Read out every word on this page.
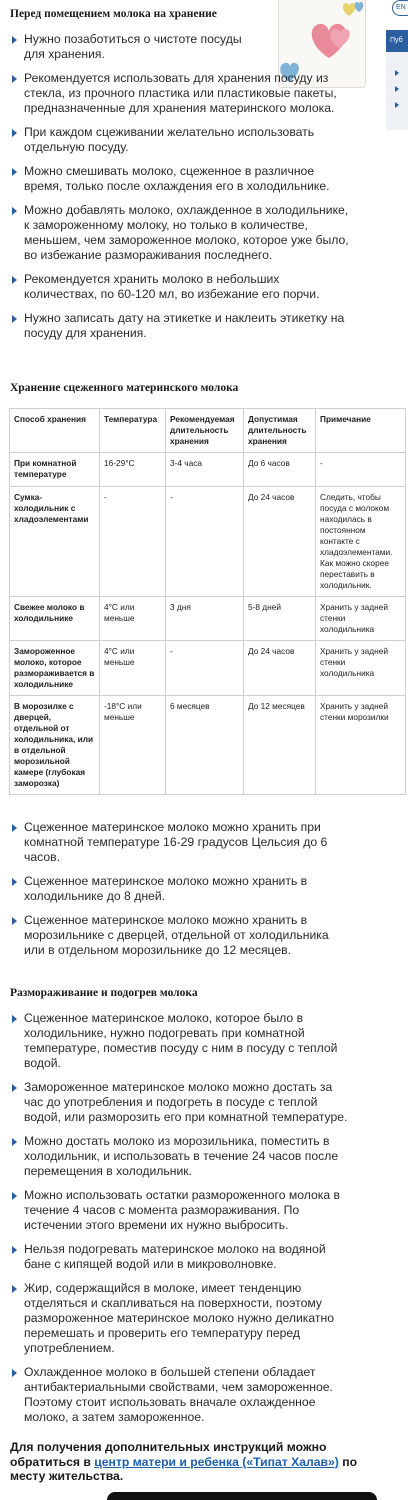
EN
Пуб
Перед помещением молока на хранение
Нужно позаботиться о чистоте посуды для хранения.
Рекомендуется использовать для хранения посуду из стекла, из прочного пластика или пластиковые пакеты, предназначенные для хранения материнского молока.
При каждом сцеживании желательно использовать отдельную посуду.
Можно смешивать молоко, сцеженное в различное время, только после охлаждения его в холодильнике.
Можно добавлять молоко, охлажденное в холодильнике, к замороженному молоку, но только в количестве, меньшем, чем замороженное молоко, которое уже было, во избежание размораживания последнего.
Рекомендуется хранить молоко в небольших количествах, по 60-120 мл, во избежание его порчи.
Нужно записать дату на этикетке и наклеить этикетку на посуду для хранения.
Хранение сцеженного материнского молока
Способ хранения	Температура	Рекомендуемая длительность хранения	Допустимая длительность хранения	Примечание
При комнатной температуре	16-29°C	3-4 часа	До 6 часов	-
Сумка-холодильник с хладоэлементами	-	-	До 24 часов	Следить, чтобы посуда с молоком находилась в постоянном контакте с хладоэлементами. Как можно скорее переставить в холодильник.
Свежее молоко в холодильнике	4°C или меньше	3 дня	5-8 дней	Хранить у задней стенки холодильника
Замороженное молоко, которое размораживается в холодильнике	4°C или меньше	-	До 24 часов	Хранить у задней стенки холодильника
В морозилке с дверцей, отдельной от холодильника, или в отдельной морозильной камере (глубокая заморозка)	-18°C или меньше	6 месяцев	До 12 месяцев	Хранить у задней стенки морозилки
Сцеженное материнское молоко можно хранить при комнатной температуре 16-29 градусов Цельсия до 6 часов.
Сцеженное материнское молоко можно хранить в холодильнике до 8 дней.
Сцеженное материнское молоко можно хранить в морозильнике с дверцей, отдельной от холодильника или в отдельном морозильнике до 12 месяцев.
Размораживание и подогрев молока
Сцеженное материнское молоко, которое было в холодильнике, нужно подогревать при комнатной температуре, поместив посуду с ним в посуду с теплой водой.
Замороженное материнское молоко можно достать за час до употребления и подогреть в посуде с теплой водой, или разморозить его при комнатной температуре.
Можно достать молоко из морозильника, поместить в холодильник, и использовать в течение 24 часов после перемещения в холодильник.
Можно использовать остатки размороженного молока в течение 4 часов с момента размораживания. По истечении этого времени их нужно выбросить.
Нельзя подогревать материнское молоко на водяной бане с кипящей водой или в микроволновке.
Жир, содержащийся в молоке, имеет тенденцию отделяться и скапливаться на поверхности, поэтому размороженное материнское молоко нужно деликатно перемешать и проверить его температуру перед употреблением.
Охлажденное молоко в большей степени обладает антибактериальными свойствами, чем замороженное. Поэтому стоит использовать вначале охлажденное молоко, а затем замороженное.

Для получения дополнительных инструкций можно обратиться в центр матери и ребенка («Типат Халав») по месту жительства.
